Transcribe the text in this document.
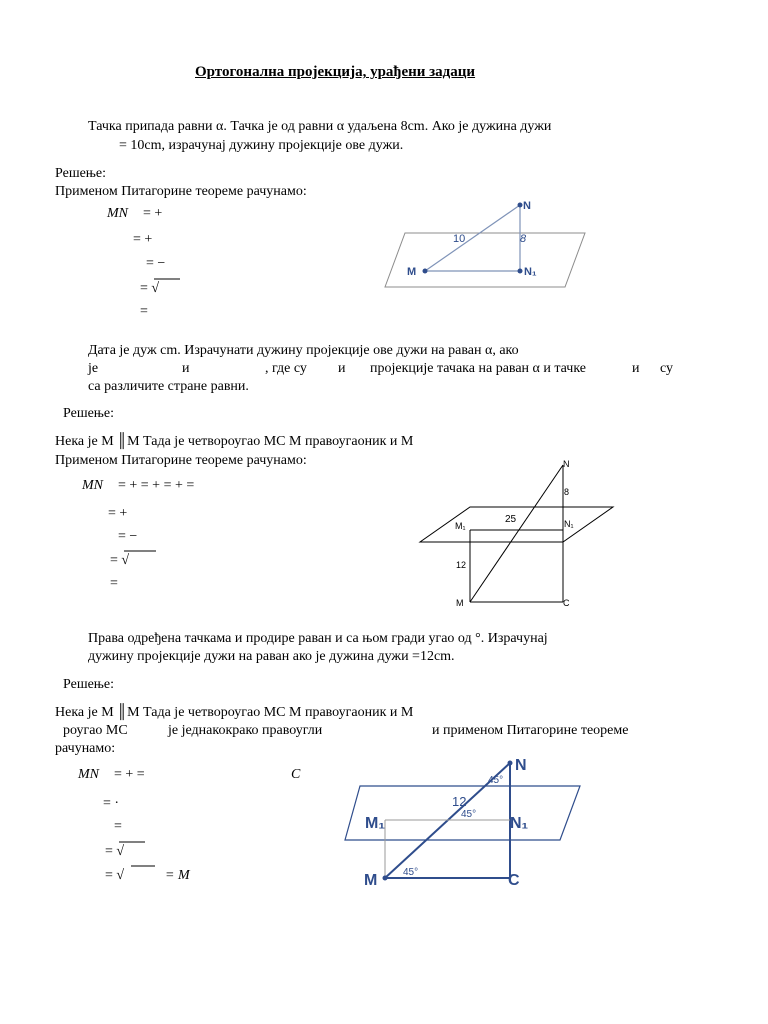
Ортогонална пројекција, урађени задаци
Тачка припада равни α. Тачка је од равни α удаљена 8cm. Ако је дужина дужи
= 10cm, израчунај дужину пројекције ове дужи.
Решење:
Применом Питагорине теореме рачунамо:
MN = +
= +
= −
= √
=
N
M	N₁
10	8
Дата је дуж cm. Израчунати дужину пројекције ове дужи на раван α, ако
је	и	, где су и пројекције тачака на раван α и тачке	и су
са различите стране равни.
Решење:
Нека је M ║M Тада је четвороугао MC M правоугаоник и M
Применом Питагорине теореме рачунамо:
MN = + = + = + =
= +
= −
= √
=
N
8
M₁
25	N₁
12
M	C
Права одређена тачкама и продире раван и са њом гради угао од °. Израчунај
дужину пројекције дужи на раван ако је дужина дужи =12cm.
Решење:
Нека је M ║M Тада је четвороугао MC M правоугаоник и M
роугао MC	је једнакокрако правоугли	и применом Питагорине теореме
рачунамо:
MN = + =	C
= ·
=
= √
= √	= M
N
M₁	N₁
M	C
12
45°
45°
45°
